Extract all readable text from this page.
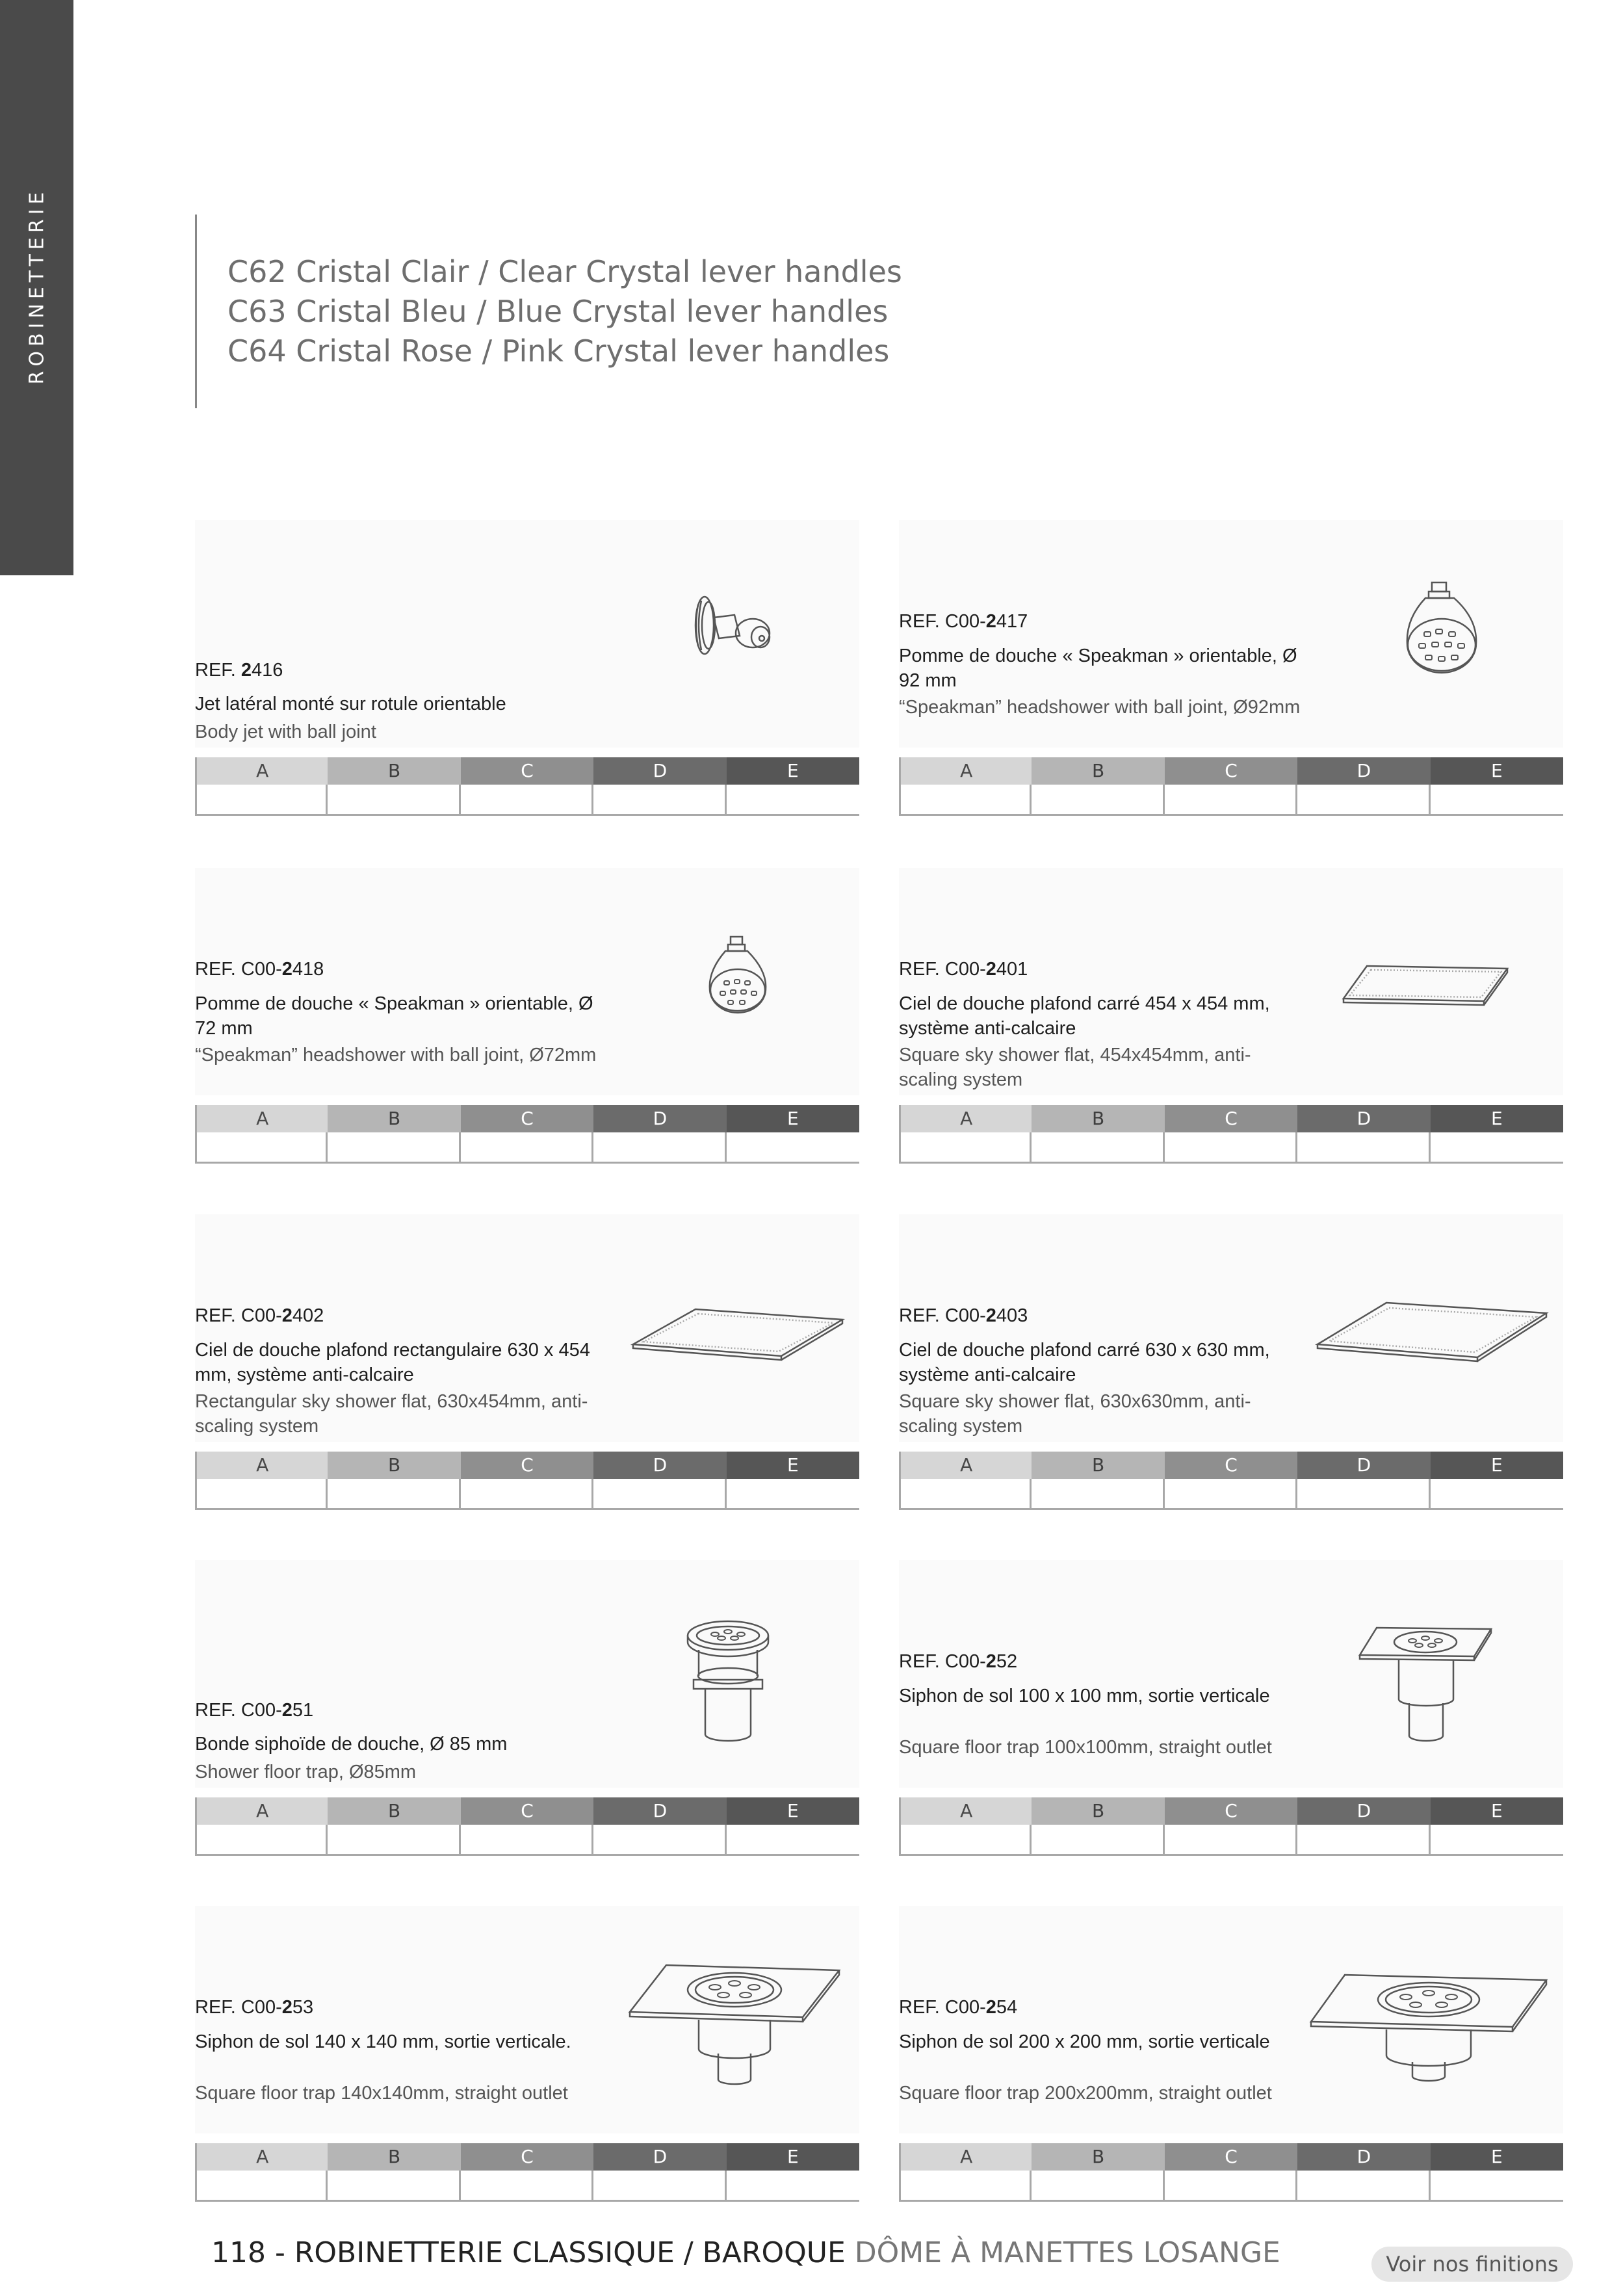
ROBINETTERIE	C62 Cristal Clair / Clear Crystal lever handles
C63 Cristal Bleu / Blue Crystal lever handles
C64 Cristal Rose / Pink Crystal lever handles
REF. 2416
Jet latéral monté sur rotule orientable
Body jet with ball joint
A	B	C	D	E
REF. C00-2417
Pomme de douche « Speakman » orientable, Ø 92 mm
“Speakman” headshower with ball joint, Ø92mm
A	B	C	D	E
REF. C00-2418
Pomme de douche « Speakman » orientable, Ø 72 mm
“Speakman” headshower with ball joint, Ø72mm
A	B	C	D	E
REF. C00-2401
Ciel de douche plafond carré 454 x 454 mm, système anti-calcaire
Square sky shower flat, 454x454mm, anti-scaling system
A	B	C	D	E
REF. C00-2402
Ciel de douche plafond rectangulaire 630 x 454 mm, système anti-calcaire
Rectangular sky shower flat, 630x454mm, anti-scaling system
A	B	C	D	E
REF. C00-2403
Ciel de douche plafond carré 630 x 630 mm, système anti-calcaire
Square sky shower flat, 630x630mm, anti-scaling system
A	B	C	D	E
REF. C00-251
Bonde siphoïde de douche, Ø 85 mm
Shower floor trap, Ø85mm
A	B	C	D	E
REF. C00-252
Siphon de sol 100 x 100 mm, sortie verticale
Square floor trap 100x100mm, straight outlet
A	B	C	D	E
REF. C00-253
Siphon de sol 140 x 140 mm, sortie verticale.
Square floor trap 140x140mm, straight outlet
A	B	C	D	E
REF. C00-254
Siphon de sol 200 x 200 mm, sortie verticale
Square floor trap 200x200mm, straight outlet
A	B	C	D	E
118 - ROBINETTERIE CLASSIQUE / BAROQUE DÔME À MANETTES LOSANGE	Voir nos finitions
